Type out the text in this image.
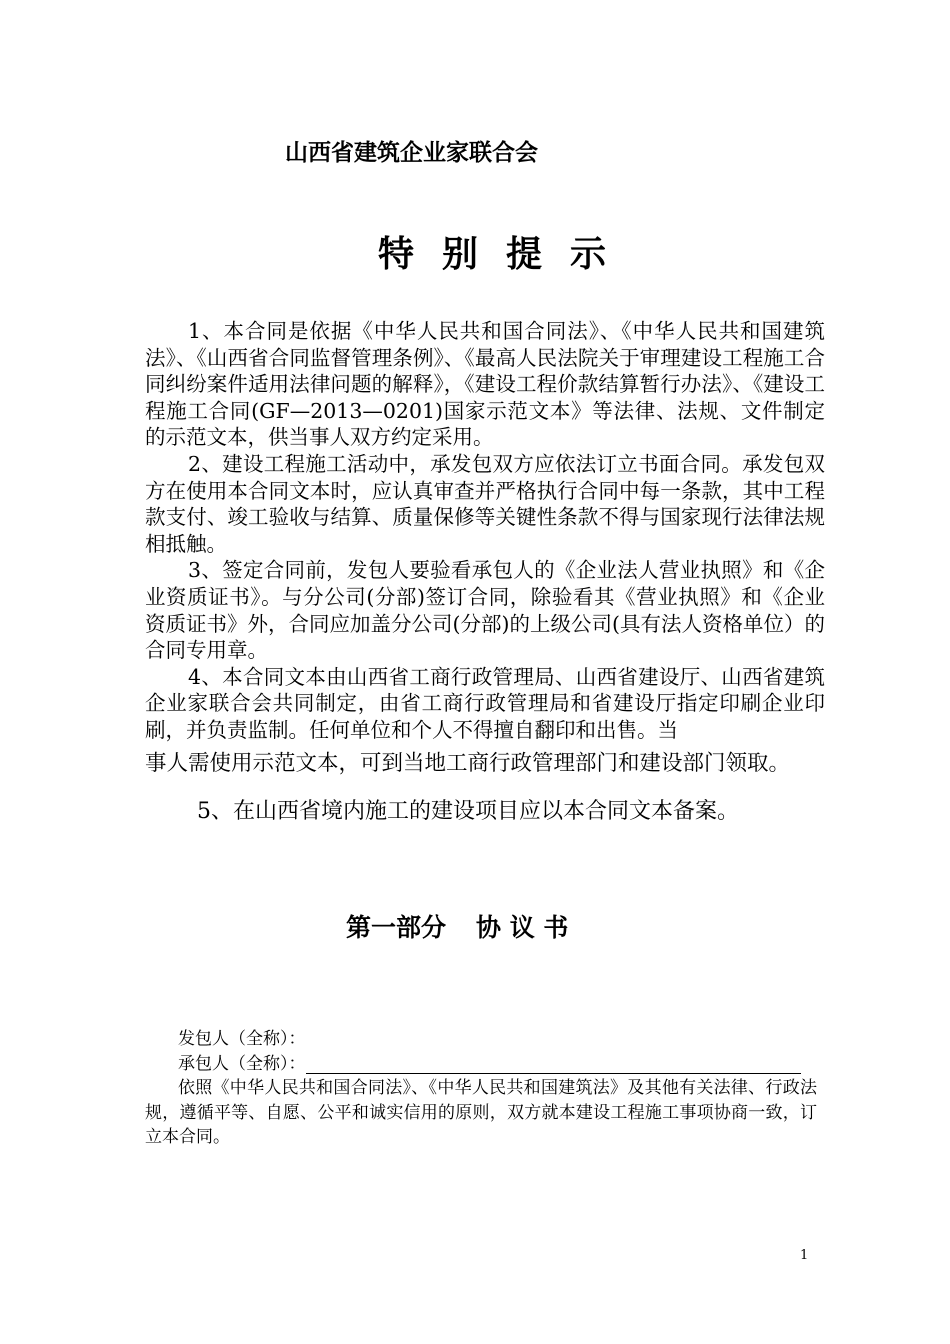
山西省建筑企业家联合会
特别提示

1、本合同是依据《中华人民共和国合同法》、《中华人民共和国建筑法》、《山西省合同监督管理条例》、《最高人民法院关于审理建设工程施工合同纠纷案件适用法律问题的解释》，《建设工程价款结算暂行办法》、《建设工程施工合同(GF—2013—0201)国家示范文本》等法律、法规、文件制定的示范文本，供当事人双方约定采用。

2、建设工程施工活动中，承发包双方应依法订立书面合同。承发包双方在使用本合同文本时，应认真审查并严格执行合同中每一条款，其中工程款支付、竣工验收与结算、质量保修等关键性条款不得与国家现行法律法规相抵触。

3、签定合同前，发包人要验看承包人的《企业法人营业执照》和《企业资质证书》。与分公司(分部)签订合同，除验看其《营业执照》和《企业资质证书》外，合同应加盖分公司(分部)的上级公司(具有法人资格单位）的合同专用章。

4、本合同文本由山西省工商行政管理局、山西省建设厅、山西省建筑企业家联合会共同制定，由省工商行政管理局和省建设厅指定印刷企业印刷，并负责监制。任何单位和个人不得擅自翻印和出售。当

事人需使用示范文本，可到当地工商行政管理部门和建设部门领取。

5、在山西省境内施工的建设项目应以本合同文本备案。

第一部分 协 议 书
发包人（全称）：
承包人（全称）：

依照《中华人民共和国合同法》、《中华人民共和国建筑法》及其他有关法律、行政法规，遵循平等、自愿、公平和诚实信用的原则，双方就本建设工程施工事项协商一致，订立本合同。

1
